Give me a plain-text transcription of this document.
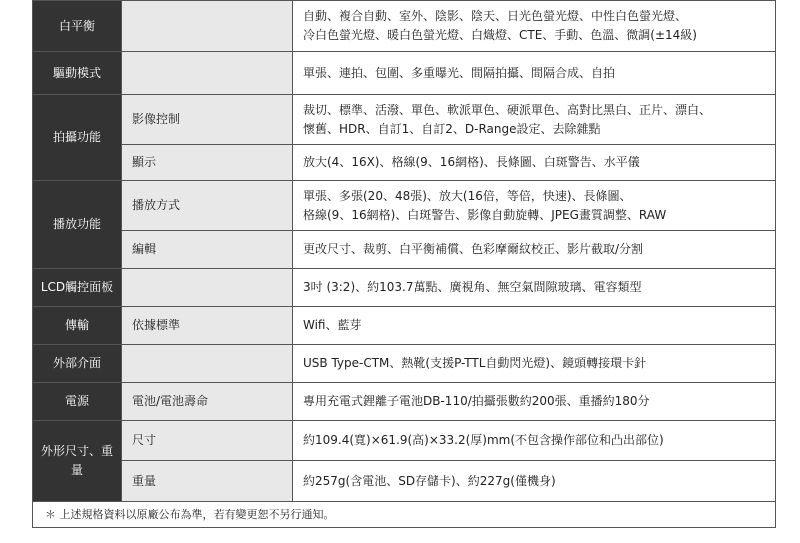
白平衡		自動、複合自動、室外、陰影、陰天、日光色螢光燈、中性白色螢光燈、
冷白色螢光燈、暖白色螢光燈、白熾燈、CTE、手動、色溫、微調(±14級)

驅動模式		單張、連拍、包圍、多重曝光、間隔拍攝、間隔合成、自拍
拍攝功能	影像控制	裁切、標準、活潑、單色、軟派單色、硬派單色、高對比黑白、正片、漂白、
懷舊、HDR、自訂1、自訂2、D-Range設定、去除雜點

	顯示	放大(4、16X)、格線(9、16網格)、長條圖、白斑警告、水平儀
播放功能	播放方式	單張、多張(20、48張)、放大(16倍，等倍，快速)、長條圖、
格線(9、16網格)、白斑警告、影像自動旋轉、JPEG畫質調整、RAW

	編輯	更改尺寸、裁剪、白平衡補償、色彩摩爾紋校正、影片截取/分割
LCD觸控面板		3吋 (3:2)、約103.7萬點、廣視角、無空氣間隙玻璃、電容類型
傳輸	依據標準	Wifi、藍芽
外部介面		USB Type-CTM、熱靴(支援P-TTL自動閃光燈)、鏡頭轉接環卡針
電源	電池/電池壽命	專用充電式鋰離子電池DB-110/拍攝張數約200張、重播約180分
外形尺寸、重量	尺寸	約109.4(寬)×61.9(高)×33.2(厚)mm(不包含操作部位和凸出部位)
	重量	約257g(含電池、SD存儲卡)、約227g(僅機身)
＊ 上述規格資料以原廠公布為準，若有變更恕不另行通知。
